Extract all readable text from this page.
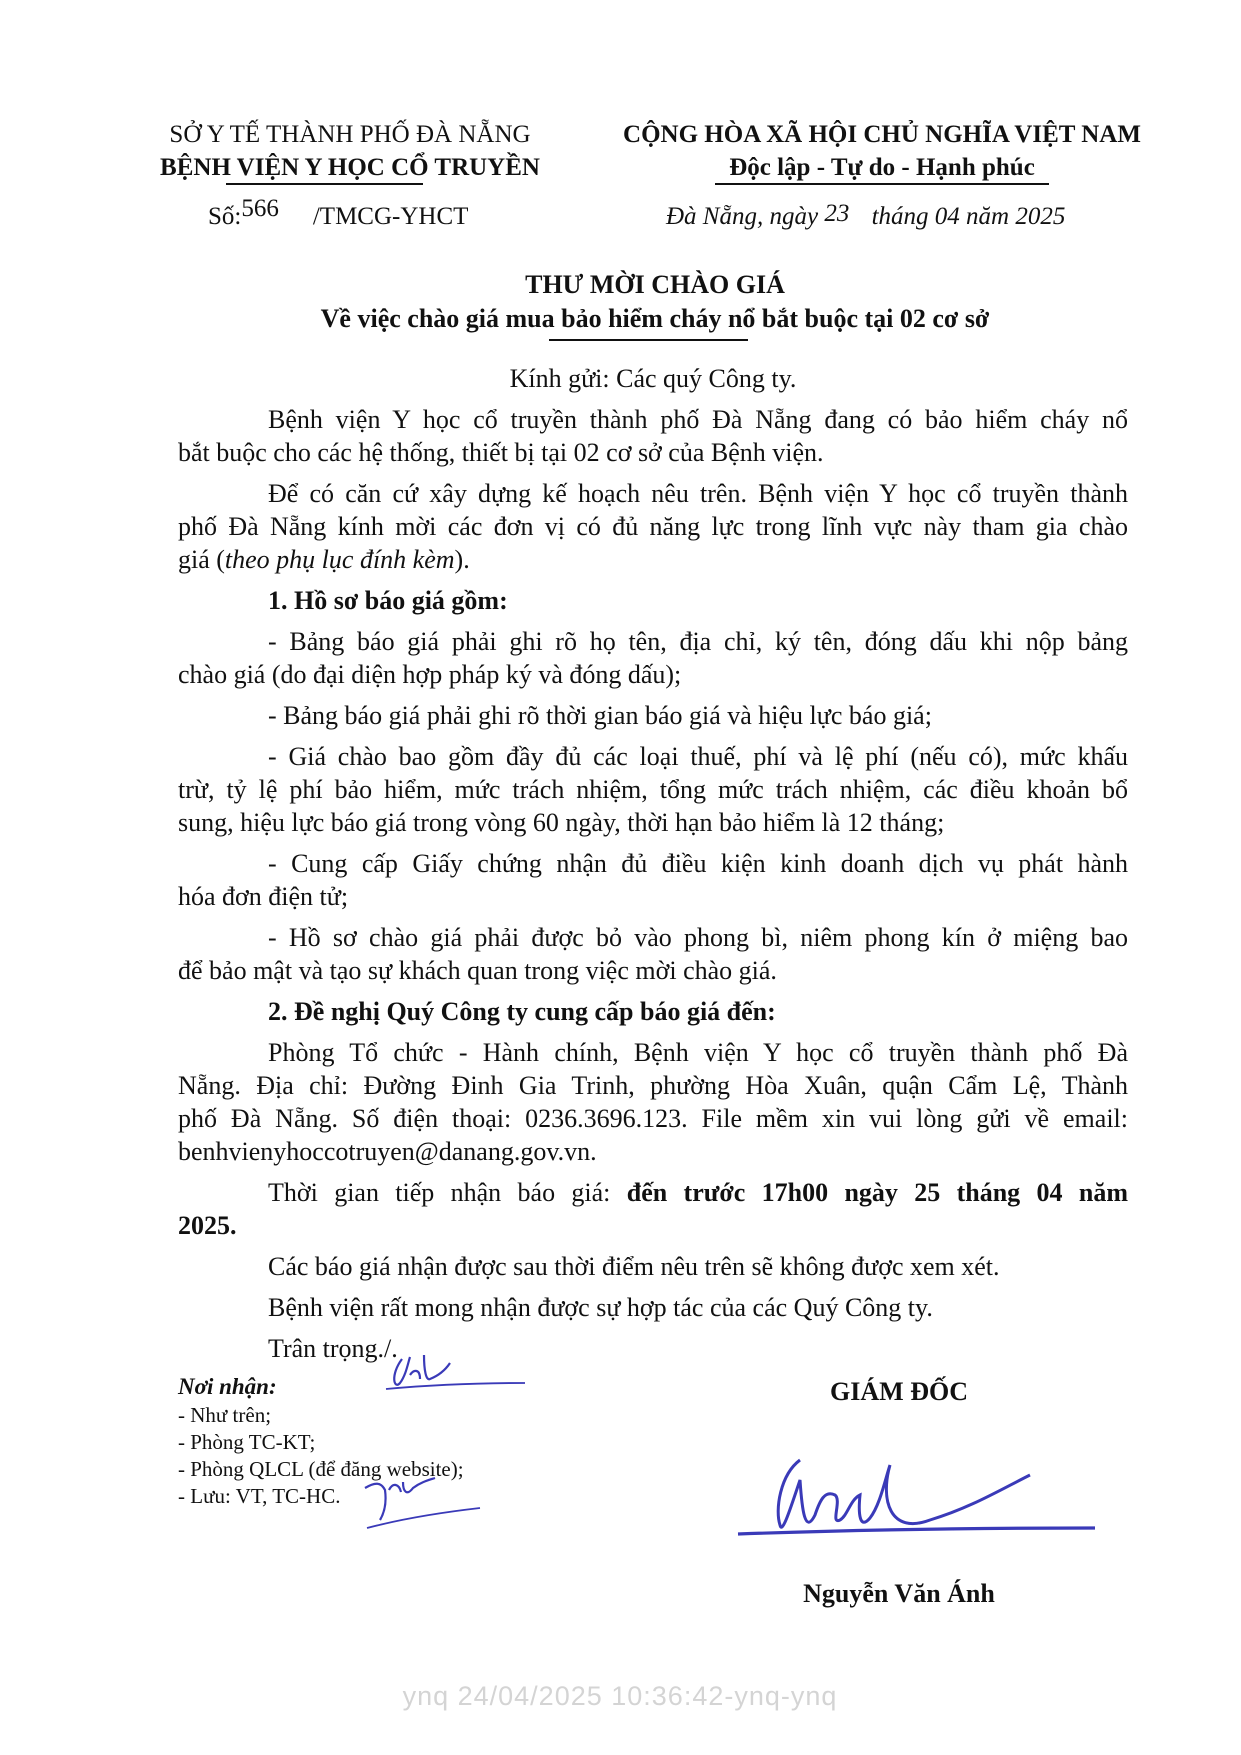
ynq 24/04/2025 10:36:42-ynq-ynq
SỞ Y TẾ THÀNH PHỐ ĐÀ NẴNG
BỆNH VIỆN Y HỌC CỔ TRUYỀN
Số:566 /TMCG-YHCT
CỘNG HÒA XÃ HỘI CHỦ NGHĨA VIỆT NAM
Độc lập - Tự do - Hạnh phúc
Đà Nẵng, ngày 23 tháng 04 năm 2025
THƯ MỜI CHÀO GIÁ
Về việc chào giá mua bảo hiểm cháy nổ bắt buộc tại 02 cơ sở
Kính gửi: Các quý Công ty.
Bệnh viện Y học cổ truyền thành phố Đà Nẵng đang có bảo hiểm cháy nổ
bắt buộc cho các hệ thống, thiết bị tại 02 cơ sở của Bệnh viện.
Để có căn cứ xây dựng kế hoạch nêu trên. Bệnh viện Y học cổ truyền thành
phố Đà Nẵng kính mời các đơn vị có đủ năng lực trong lĩnh vực này tham gia chào
giá (theo phụ lục đính kèm).
1. Hồ sơ báo giá gồm:
- Bảng báo giá phải ghi rõ họ tên, địa chỉ, ký tên, đóng dấu khi nộp bảng
chào giá (do đại diện hợp pháp ký và đóng dấu);
- Bảng báo giá phải ghi rõ thời gian báo giá và hiệu lực báo giá;
- Giá chào bao gồm đầy đủ các loại thuế, phí và lệ phí (nếu có), mức khấu
trừ, tỷ lệ phí bảo hiểm, mức trách nhiệm, tổng mức trách nhiệm, các điều khoản bổ
sung, hiệu lực báo giá trong vòng 60 ngày, thời hạn bảo hiểm là 12 tháng;
- Cung cấp Giấy chứng nhận đủ điều kiện kinh doanh dịch vụ phát hành
hóa đơn điện tử;
- Hồ sơ chào giá phải được bỏ vào phong bì, niêm phong kín ở miệng bao
để bảo mật và tạo sự khách quan trong việc mời chào giá.
2. Đề nghị Quý Công ty cung cấp báo giá đến:
Phòng Tổ chức - Hành chính, Bệnh viện Y học cổ truyền thành phố Đà
Nẵng. Địa chỉ: Đường Đinh Gia Trinh, phường Hòa Xuân, quận Cẩm Lệ, Thành
phố Đà Nẵng. Số điện thoại: 0236.3696.123. File mềm xin vui lòng gửi về email:
benhvienyhoccotruyen@danang.gov.vn.
Thời gian tiếp nhận báo giá: đến trước 17h00 ngày 25 tháng 04 năm
2025.
Các báo giá nhận được sau thời điểm nêu trên sẽ không được xem xét.
Bệnh viện rất mong nhận được sự hợp tác của các Quý Công ty.
Trân trọng./.
Nơi nhận:
- Như trên;
- Phòng TC-KT;
- Phòng QLCL (để đăng website);
- Lưu: VT, TC-HC.
GIÁM ĐỐC
Nguyễn Văn Ánh
